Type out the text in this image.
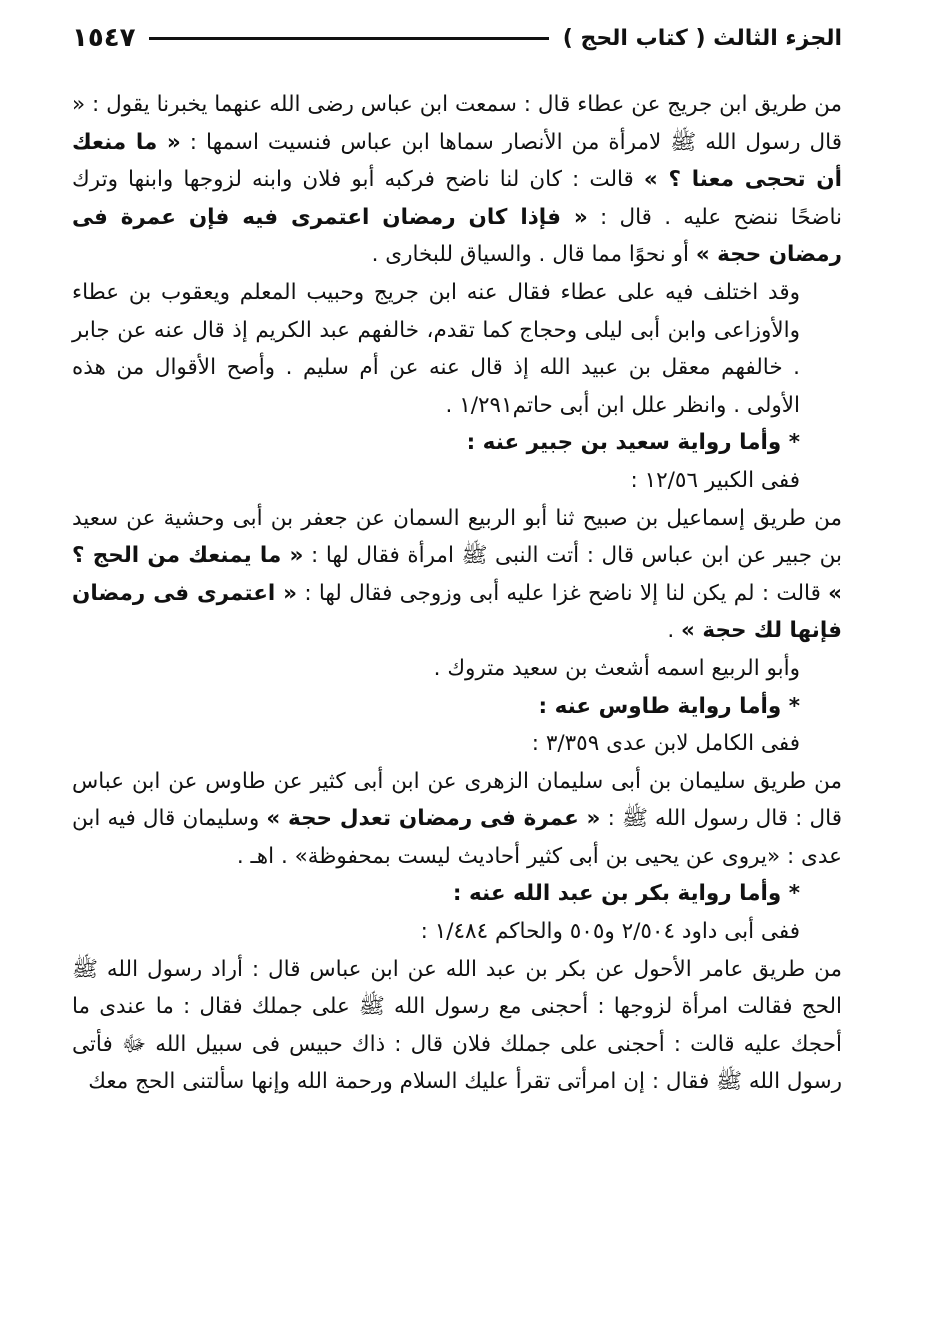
الجزء الثالث ( كتاب الحج )
١٥٤٧

من طريق ابن جريج عن عطاء قال : سمعت ابن عباس رضى الله عنهما يخبرنا يقول : « قال رسول الله ﷺ لامرأة من الأنصار سماها ابن عباس فنسيت اسمها : « ما منعك أن تحجى معنا ؟ » قالت : كان لنا ناضح فركبه أبو فلان وابنه لزوجها وابنها وترك ناضحًا ننضح عليه . قال : « فإذا كان رمضان اعتمرى فيه فإن عمرة فى رمضان حجة » أو نحوًا مما قال . والسياق للبخارى .

وقد اختلف فيه على عطاء فقال عنه ابن جريج وحبيب المعلم ويعقوب بن عطاء والأوزاعى وابن أبى ليلى وحجاج كما تقدم، خالفهم عبد الكريم إذ قال عنه عن جابر . خالفهم معقل بن عبيد الله إذ قال عنه عن أم سليم . وأصح الأقوال من هذه الأولى . وانظر علل ابن أبى حاتم١/٢٩١ .

* وأما رواية سعيد بن جبير عنه :

ففى الكبير ١٢/٥٦ :

من طريق إسماعيل بن صبيح ثنا أبو الربيع السمان عن جعفر بن أبى وحشية عن سعيد بن جبير عن ابن عباس قال : أتت النبى ﷺ امرأة فقال لها : « ما يمنعك من الحج ؟ » قالت : لم يكن لنا إلا ناضح غزا عليه أبى وزوجى فقال لها : « اعتمرى فى رمضان فإنها لك حجة » .

وأبو الربيع اسمه أشعث بن سعيد متروك .

* وأما رواية طاوس عنه :

ففى الكامل لابن عدى ٣/٣٥٩ :

من طريق سليمان بن أبى سليمان الزهرى عن ابن أبى كثير عن طاوس عن ابن عباس قال : قال رسول الله ﷺ : « عمرة فى رمضان تعدل حجة » وسليمان قال فيه ابن عدى : «يروى عن يحيى بن أبى كثير أحاديث ليست بمحفوظة» . اهـ .

* وأما رواية بكر بن عبد الله عنه :

ففى أبى داود ٢/٥٠٤ و٥٠٥ والحاكم ١/٤٨٤ :

من طريق عامر الأحول عن بكر بن عبد الله عن ابن عباس قال : أراد رسول الله ﷺ الحج فقالت امرأة لزوجها : أحجنى مع رسول الله ﷺ على جملك فقال : ما عندى ما أحجك عليه قالت : أحجنى على جملك فلان قال : ذاك حبيس فى سبيل الله ﷻ فأتى رسول الله ﷺ فقال : إن امرأتى تقرأ عليك السلام ورحمة الله وإنها سألتنى الحج معك
